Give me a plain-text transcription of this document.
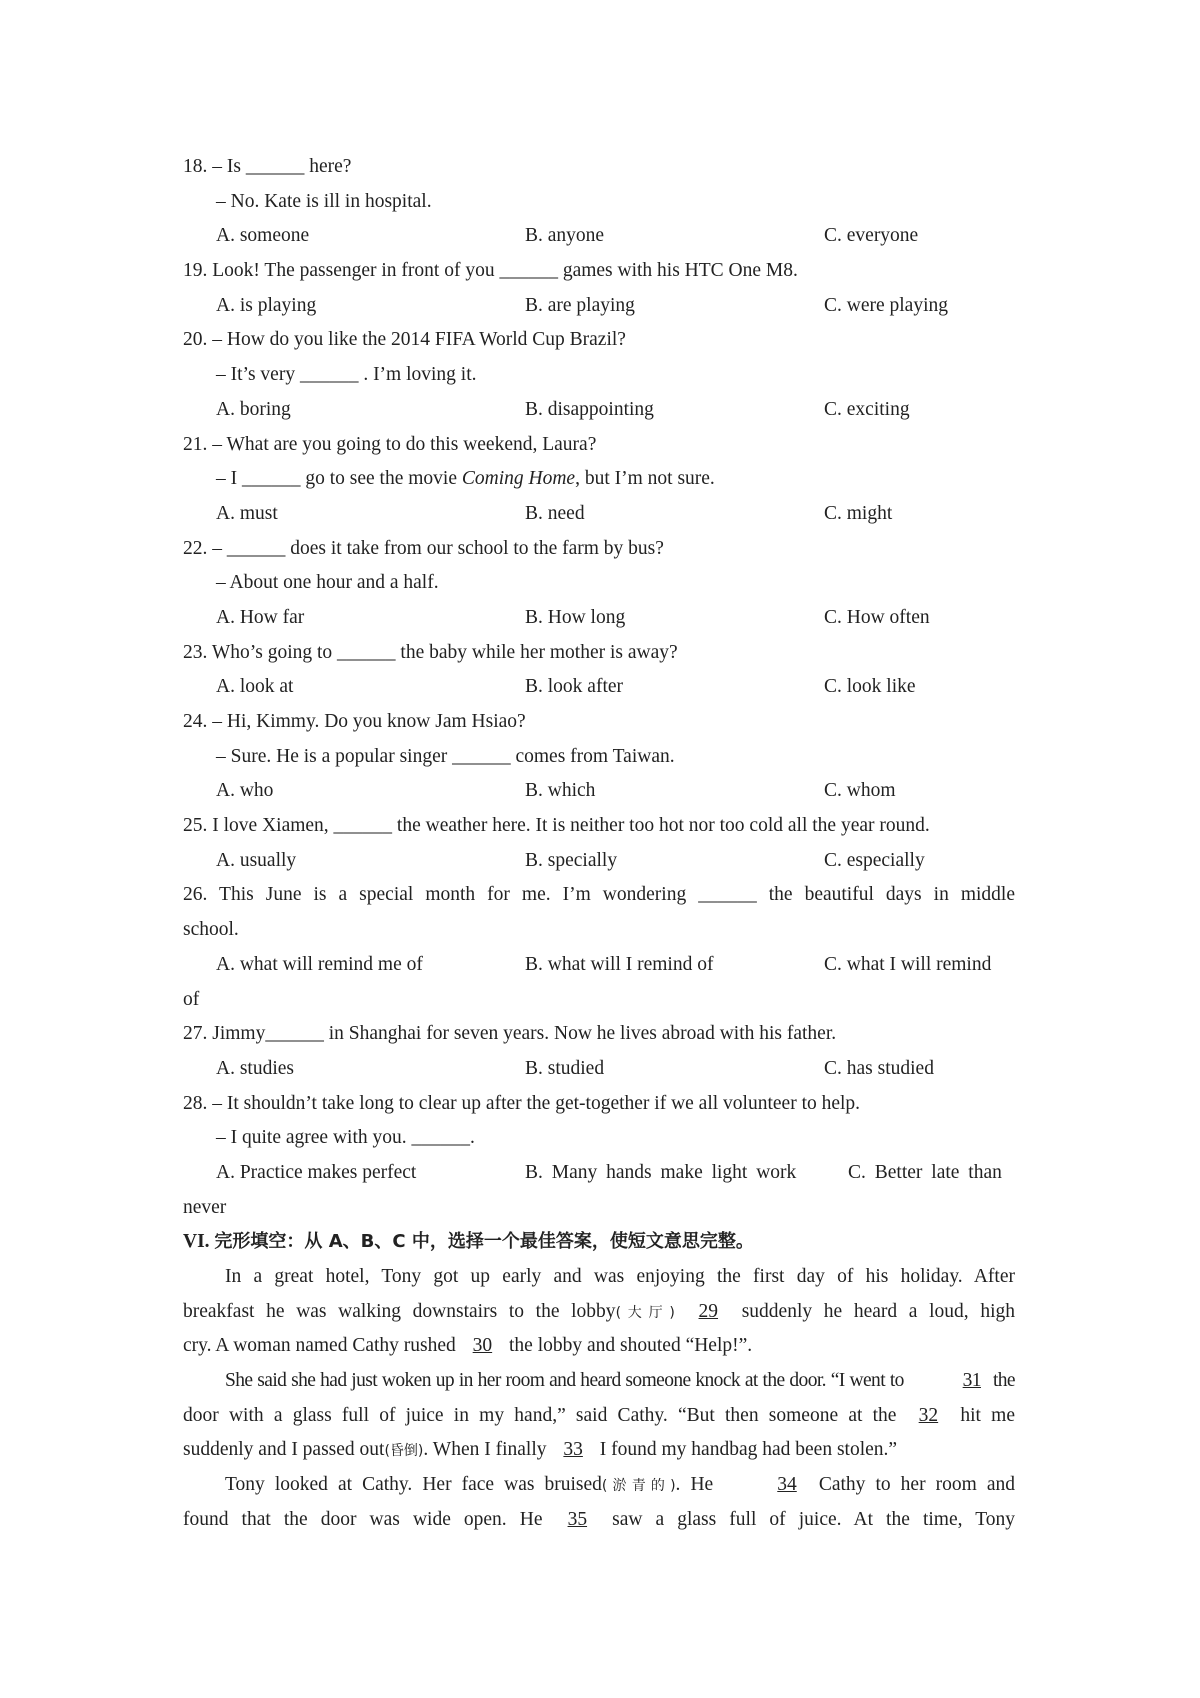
18. – Is ______ here?
– No. Kate is ill in hospital.
A. someone	B. anyone	C. everyone
19. Look! The passenger in front of you ______ games with his HTC One M8.
A. is playing	B. are playing	C. were playing
20. – How do you like the 2014 FIFA World Cup Brazil?
– It’s very ______ . I’m loving it.
A. boring	B. disappointing	C. exciting
21. – What are you going to do this weekend, Laura?
– I ______ go to see the movie Coming Home, but I’m not sure.
A. must	B. need	C. might
22. – ______ does it take from our school to the farm by bus?
– About one hour and a half.
A. How far	B. How long	C. How often
23. Who’s going to ______ the baby while her mother is away?
A. look at	B. look after	C. look like
24. – Hi, Kimmy. Do you know Jam Hsiao?
– Sure. He is a popular singer ______ comes from Taiwan.
A. who	B. which	C. whom
25. I love Xiamen, ______ the weather here. It is neither too hot nor too cold all the year round.
A. usually	B. specially	C. especially
26. This June is a special month for me. I’m wondering ______ the beautiful days in middle
school.
A. what will remind me of	B. what will I remind of	C. what I will remind
of
27. Jimmy______ in Shanghai for seven years. Now he lives abroad with his father.
A. studies	B. studied	C. has studied
28. – It shouldn’t take long to clear up after the get-together if we all volunteer to help.
– I quite agree with you. ______.
A. Practice makes perfect	B. Many hands make light work	C. Better late than
never
VI. 完形填空：从 A、B、C 中，选择一个最佳答案，使短文意思完整。
In a great hotel, Tony got up early and was enjoying the first day of his holiday. After
breakfast he was walking downstairs to the lobby(大厅) 29 suddenly he heard a loud, high
cry. A woman named Cathy rushed 30 the lobby and shouted “Help!”.
She said she had just woken up in her room and heard someone knock at the door. “I went to	31 the
door with a glass full of juice in my hand,” said Cathy. “But then someone at the 32 hit me
suddenly and I passed out(昏倒). When I finally 33 I found my handbag had been stolen.”
Tony looked at Cathy. Her face was bruised(淤青的). He	34 Cathy to her room and
found that the door was wide open. He 35 saw a glass full of juice. At the time, Tony
